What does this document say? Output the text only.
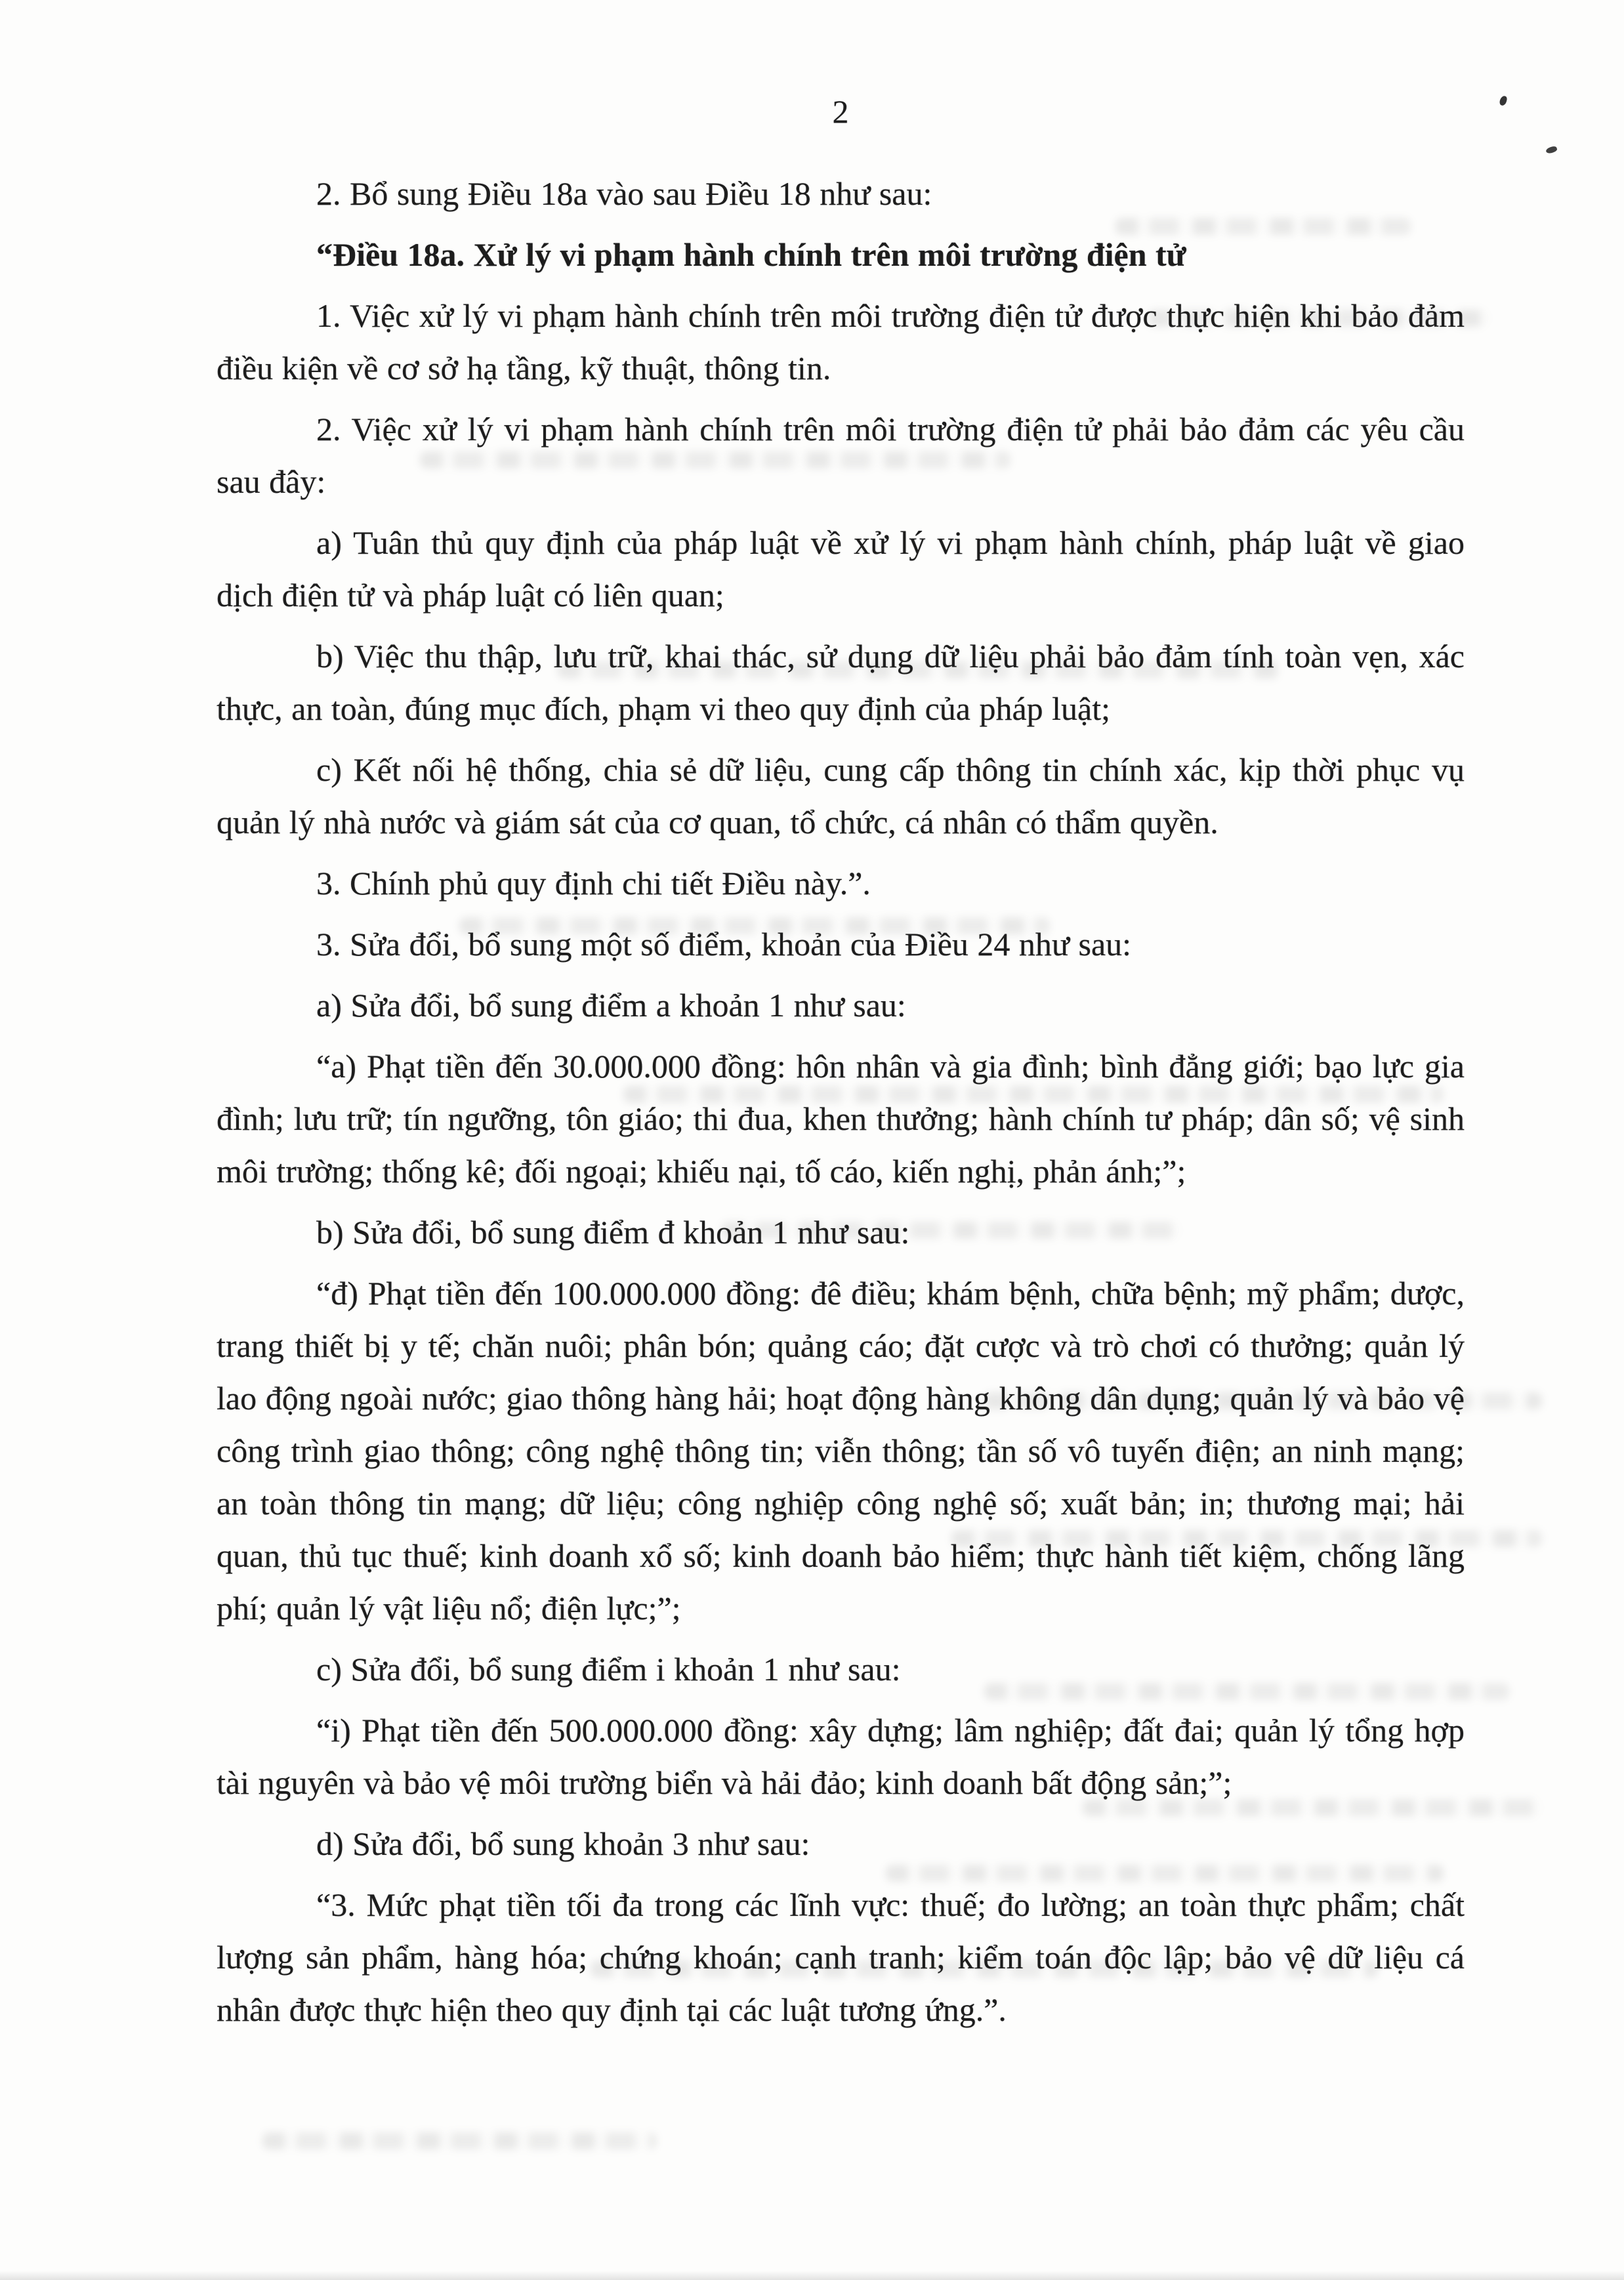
2

2. Bổ sung Điều 18a vào sau Điều 18 như sau:

“Điều 18a. Xử lý vi phạm hành chính trên môi trường điện tử

1. Việc xử lý vi phạm hành chính trên môi trường điện tử được thực hiện khi bảo đảm điều kiện về cơ sở hạ tầng, kỹ thuật, thông tin.

2. Việc xử lý vi phạm hành chính trên môi trường điện tử phải bảo đảm các yêu cầu sau đây:

a) Tuân thủ quy định của pháp luật về xử lý vi phạm hành chính, pháp luật về giao dịch điện tử và pháp luật có liên quan;

b) Việc thu thập, lưu trữ, khai thác, sử dụng dữ liệu phải bảo đảm tính toàn vẹn, xác thực, an toàn, đúng mục đích, phạm vi theo quy định của pháp luật;

c) Kết nối hệ thống, chia sẻ dữ liệu, cung cấp thông tin chính xác, kịp thời phục vụ quản lý nhà nước và giám sát của cơ quan, tổ chức, cá nhân có thẩm quyền.

3. Chính phủ quy định chi tiết Điều này.”.

3. Sửa đổi, bổ sung một số điểm, khoản của Điều 24 như sau:

a) Sửa đổi, bổ sung điểm a khoản 1 như sau:

“a) Phạt tiền đến 30.000.000 đồng: hôn nhân và gia đình; bình đẳng giới; bạo lực gia đình; lưu trữ; tín ngưỡng, tôn giáo; thi đua, khen thưởng; hành chính tư pháp; dân số; vệ sinh môi trường; thống kê; đối ngoại; khiếu nại, tố cáo, kiến nghị, phản ánh;”;

b) Sửa đổi, bổ sung điểm đ khoản 1 như sau:

“đ) Phạt tiền đến 100.000.000 đồng: đê điều; khám bệnh, chữa bệnh; mỹ phẩm; dược, trang thiết bị y tế; chăn nuôi; phân bón; quảng cáo; đặt cược và trò chơi có thưởng; quản lý lao động ngoài nước; giao thông hàng hải; hoạt động hàng không dân dụng; quản lý và bảo vệ công trình giao thông; công nghệ thông tin; viễn thông; tần số vô tuyến điện; an ninh mạng; an toàn thông tin mạng; dữ liệu; công nghiệp công nghệ số; xuất bản; in; thương mại; hải quan, thủ tục thuế; kinh doanh xổ số; kinh doanh bảo hiểm; thực hành tiết kiệm, chống lãng phí; quản lý vật liệu nổ; điện lực;”;

c) Sửa đổi, bổ sung điểm i khoản 1 như sau:

“i) Phạt tiền đến 500.000.000 đồng: xây dựng; lâm nghiệp; đất đai; quản lý tổng hợp tài nguyên và bảo vệ môi trường biển và hải đảo; kinh doanh bất động sản;”;

d) Sửa đổi, bổ sung khoản 3 như sau:

“3. Mức phạt tiền tối đa trong các lĩnh vực: thuế; đo lường; an toàn thực phẩm; chất lượng sản phẩm, hàng hóa; chứng khoán; cạnh tranh; kiểm toán độc lập; bảo vệ dữ liệu cá nhân được thực hiện theo quy định tại các luật tương ứng.”.
